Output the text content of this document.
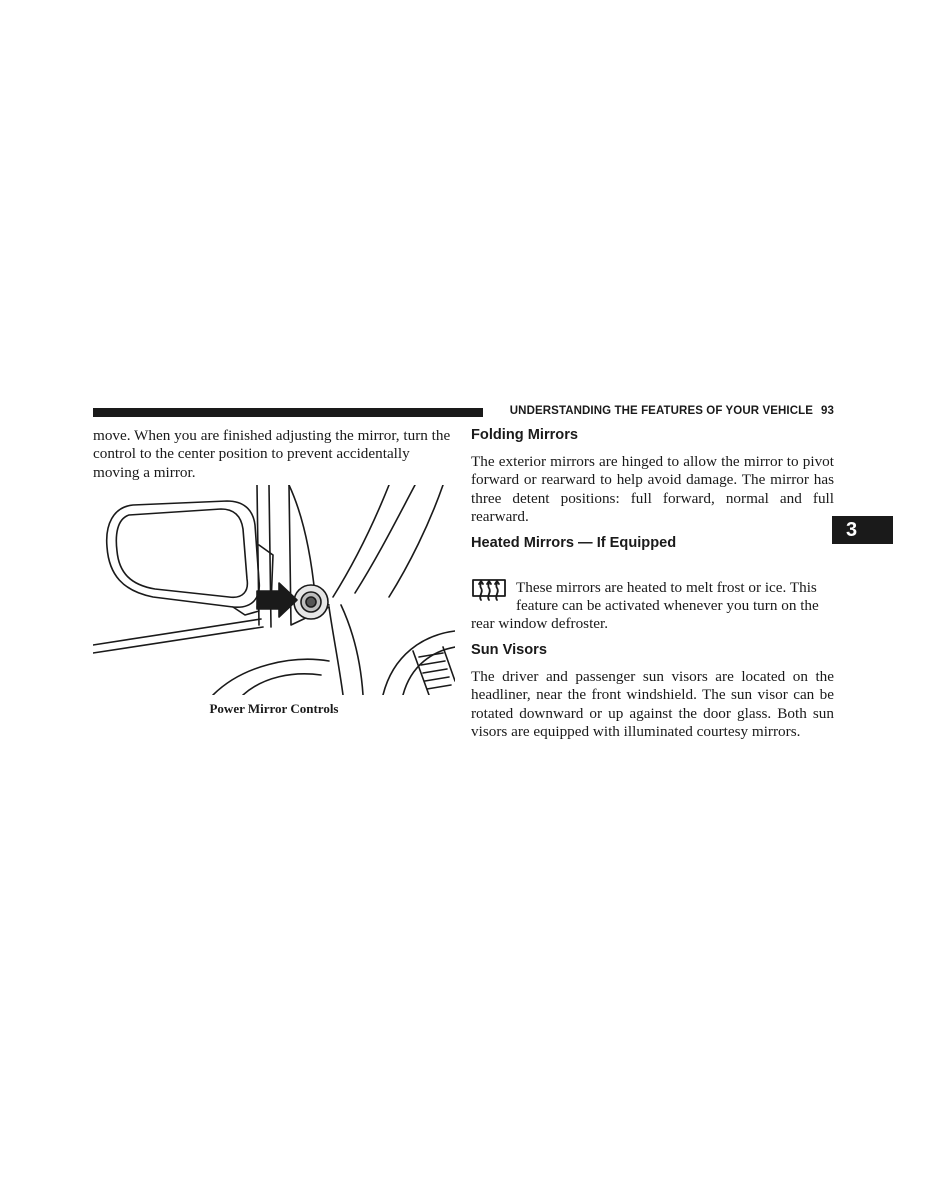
UNDERSTANDING THE FEATURES OF YOUR VEHICLE 93

move. When you are finished adjusting the mirror, turn the control to the center position to prevent accidentally moving a mirror.

Power Mirror Controls
Folding Mirrors

The exterior mirrors are hinged to allow the mirror to pivot forward or rearward to help avoid damage. The mirror has three detent positions: full forward, normal and full rearward.

Heated Mirrors — If Equipped
These mirrors are heated to melt frost or ice. This
feature can be activated whenever you turn on the
rear window defroster.
Sun Visors

The driver and passenger sun visors are located on the headliner, near the front windshield. The sun visor can be rotated downward or up against the door glass. Both sun visors are equipped with illuminated courtesy mirrors.

3
